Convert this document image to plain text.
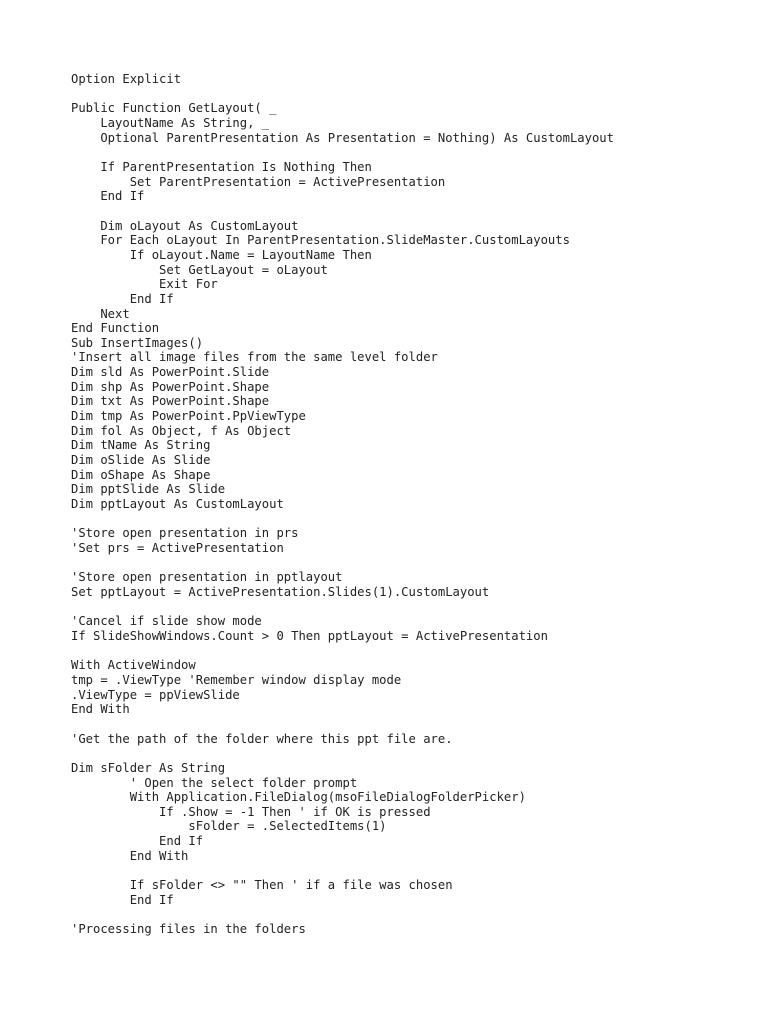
Option Explicit
Public Function GetLayout( _
LayoutName As String, _
Optional ParentPresentation As Presentation = Nothing) As CustomLayout
If ParentPresentation Is Nothing Then
Set ParentPresentation = ActivePresentation
End If
Dim oLayout As CustomLayout
For Each oLayout In ParentPresentation.SlideMaster.CustomLayouts
If oLayout.Name = LayoutName Then
Set GetLayout = oLayout
Exit For
End If
Next
End Function
Sub InsertImages()
'Insert all image files from the same level folder
Dim sld As PowerPoint.Slide
Dim shp As PowerPoint.Shape
Dim txt As PowerPoint.Shape
Dim tmp As PowerPoint.PpViewType
Dim fol As Object, f As Object
Dim tName As String
Dim oSlide As Slide
Dim oShape As Shape
Dim pptSlide As Slide
Dim pptLayout As CustomLayout
'Store open presentation in prs
'Set prs = ActivePresentation
'Store open presentation in pptlayout
Set pptLayout = ActivePresentation.Slides(1).CustomLayout
'Cancel if slide show mode
If SlideShowWindows.Count > 0 Then pptLayout = ActivePresentation
With ActiveWindow
tmp = .ViewType 'Remember window display mode
.ViewType = ppViewSlide
End With
'Get the path of the folder where this ppt file are.
Dim sFolder As String
' Open the select folder prompt
With Application.FileDialog(msoFileDialogFolderPicker)
If .Show = -1 Then ' if OK is pressed
sFolder = .SelectedItems(1)
End If
End With
If sFolder <> "" Then ' if a file was chosen
End If
'Processing files in the folders
